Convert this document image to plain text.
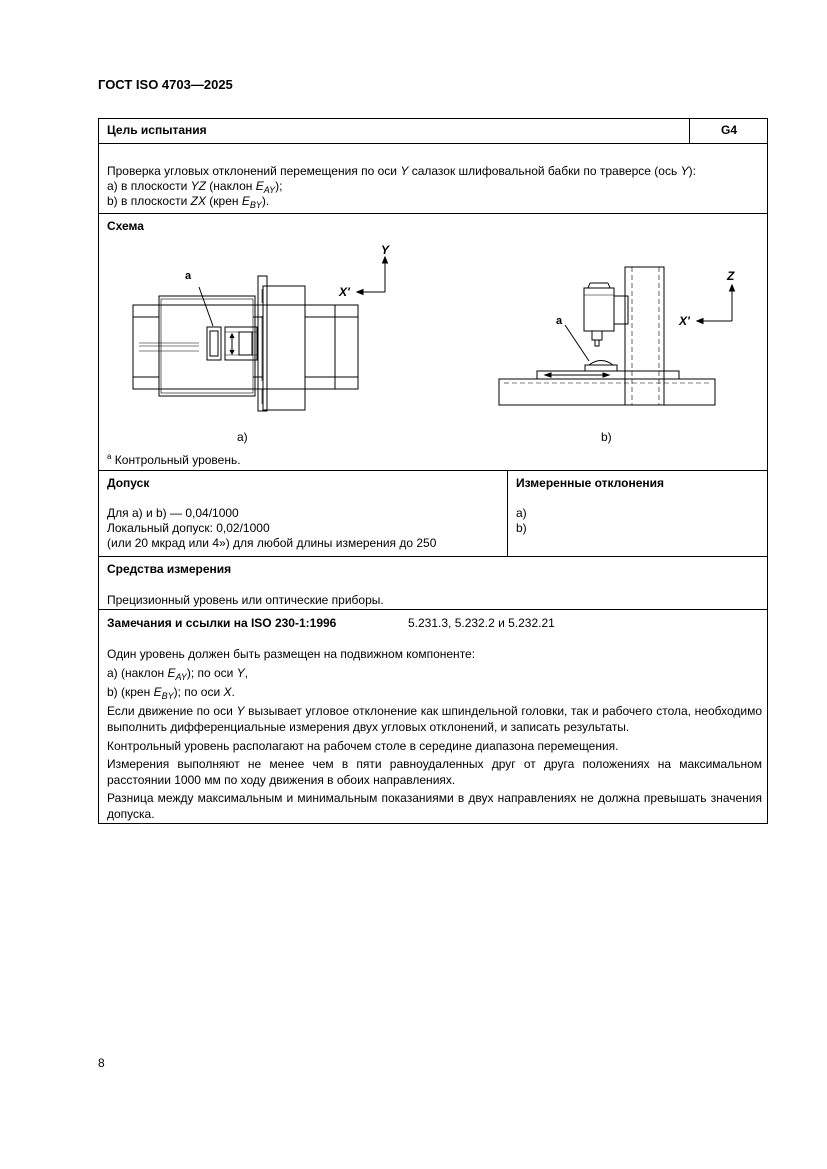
ГОСТ ISO 4703—2025
Цель испытания	G4
Проверка угловых отклонений перемещения по оси Y салазок шлифовальной бабки по траверсе (ось Y):
a) в плоскости YZ (наклон $E_{AY}$);
b) в плоскости ZX (крен $E_{BY}$).
Схема
a
Y
X'
a)
a
Z
X'
b)
$^a$ Контрольный уровень.
Допуск
Для а) и b) — 0,04/1000
Локальный допуск: 0,02/1000
(или 20 мкрад или 4») для любой длины измерения до 250
Измеренные отклонения
a)
b)
Средства измерения
Прецизионный уровень или оптические приборы.
Замечания и ссылки на ISO 230-1:1996	5.231.3, 5.232.2 и 5.232.21
Один уровень должен быть размещен на подвижном компоненте:
a) (наклон $E_{AY}$); по оси Y,
b) (крен $E_{BY}$); по оси X.
Если движение по оси Y вызывает угловое отклонение как шпиндельной головки, так и рабочего стола, необходимо выполнить дифференциальные измерения двух угловых отклонений, и записать результаты.
Контрольный уровень располагают на рабочем столе в середине диапазона перемещения.
Измерения выполняют не менее чем в пяти равноудаленных друг от друга положениях на максимальном расстоянии 1000 мм по ходу движения в обоих направлениях.
Разница между максимальным и минимальным показаниями в двух направлениях не должна превышать значения допуска.
8
